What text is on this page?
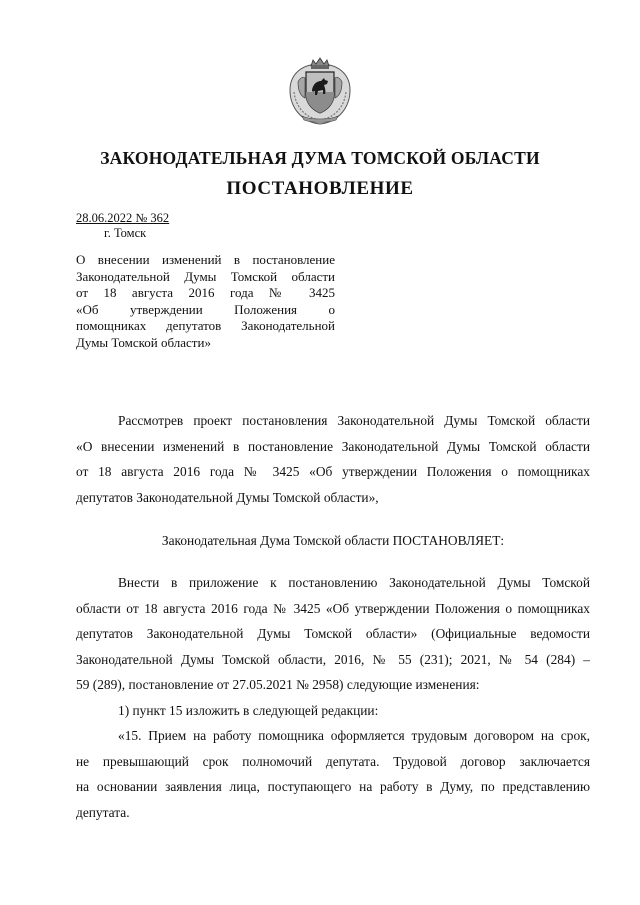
ЗАКОНОДАТЕЛЬНАЯ ДУМА ТОМСКОЙ ОБЛАСТИ
ПОСТАНОВЛЕНИЕ
28.06.2022 № 362
г. Томск
О внесении изменений в постановление
Законодательной Думы Томской области
от 18 августа 2016 года № 3425
«Об утверждении Положения о
помощниках депутатов Законодательной
Думы Томской области»
Рассмотрев проект постановления Законодательной Думы Томской области
«О внесении изменений в постановление Законодательной Думы Томской области
от 18 августа 2016 года № 3425 «Об утверждении Положения о помощниках
депутатов Законодательной Думы Томской области»,
Законодательная Дума Томской области ПОСТАНОВЛЯЕТ:
Внести в приложение к постановлению Законодательной Думы Томской
области от 18 августа 2016 года № 3425 «Об утверждении Положения о помощниках
депутатов Законодательной Думы Томской области» (Официальные ведомости
Законодательной Думы Томской области, 2016, № 55 (231); 2021, № 54 (284) –
59 (289), постановление от 27.05.2021 № 2958) следующие изменения:
1) пункт 15 изложить в следующей редакции:
«15. Прием на работу помощника оформляется трудовым договором на срок,
не превышающий срок полномочий депутата. Трудовой договор заключается
на основании заявления лица, поступающего на работу в Думу, по представлению
депутата.
